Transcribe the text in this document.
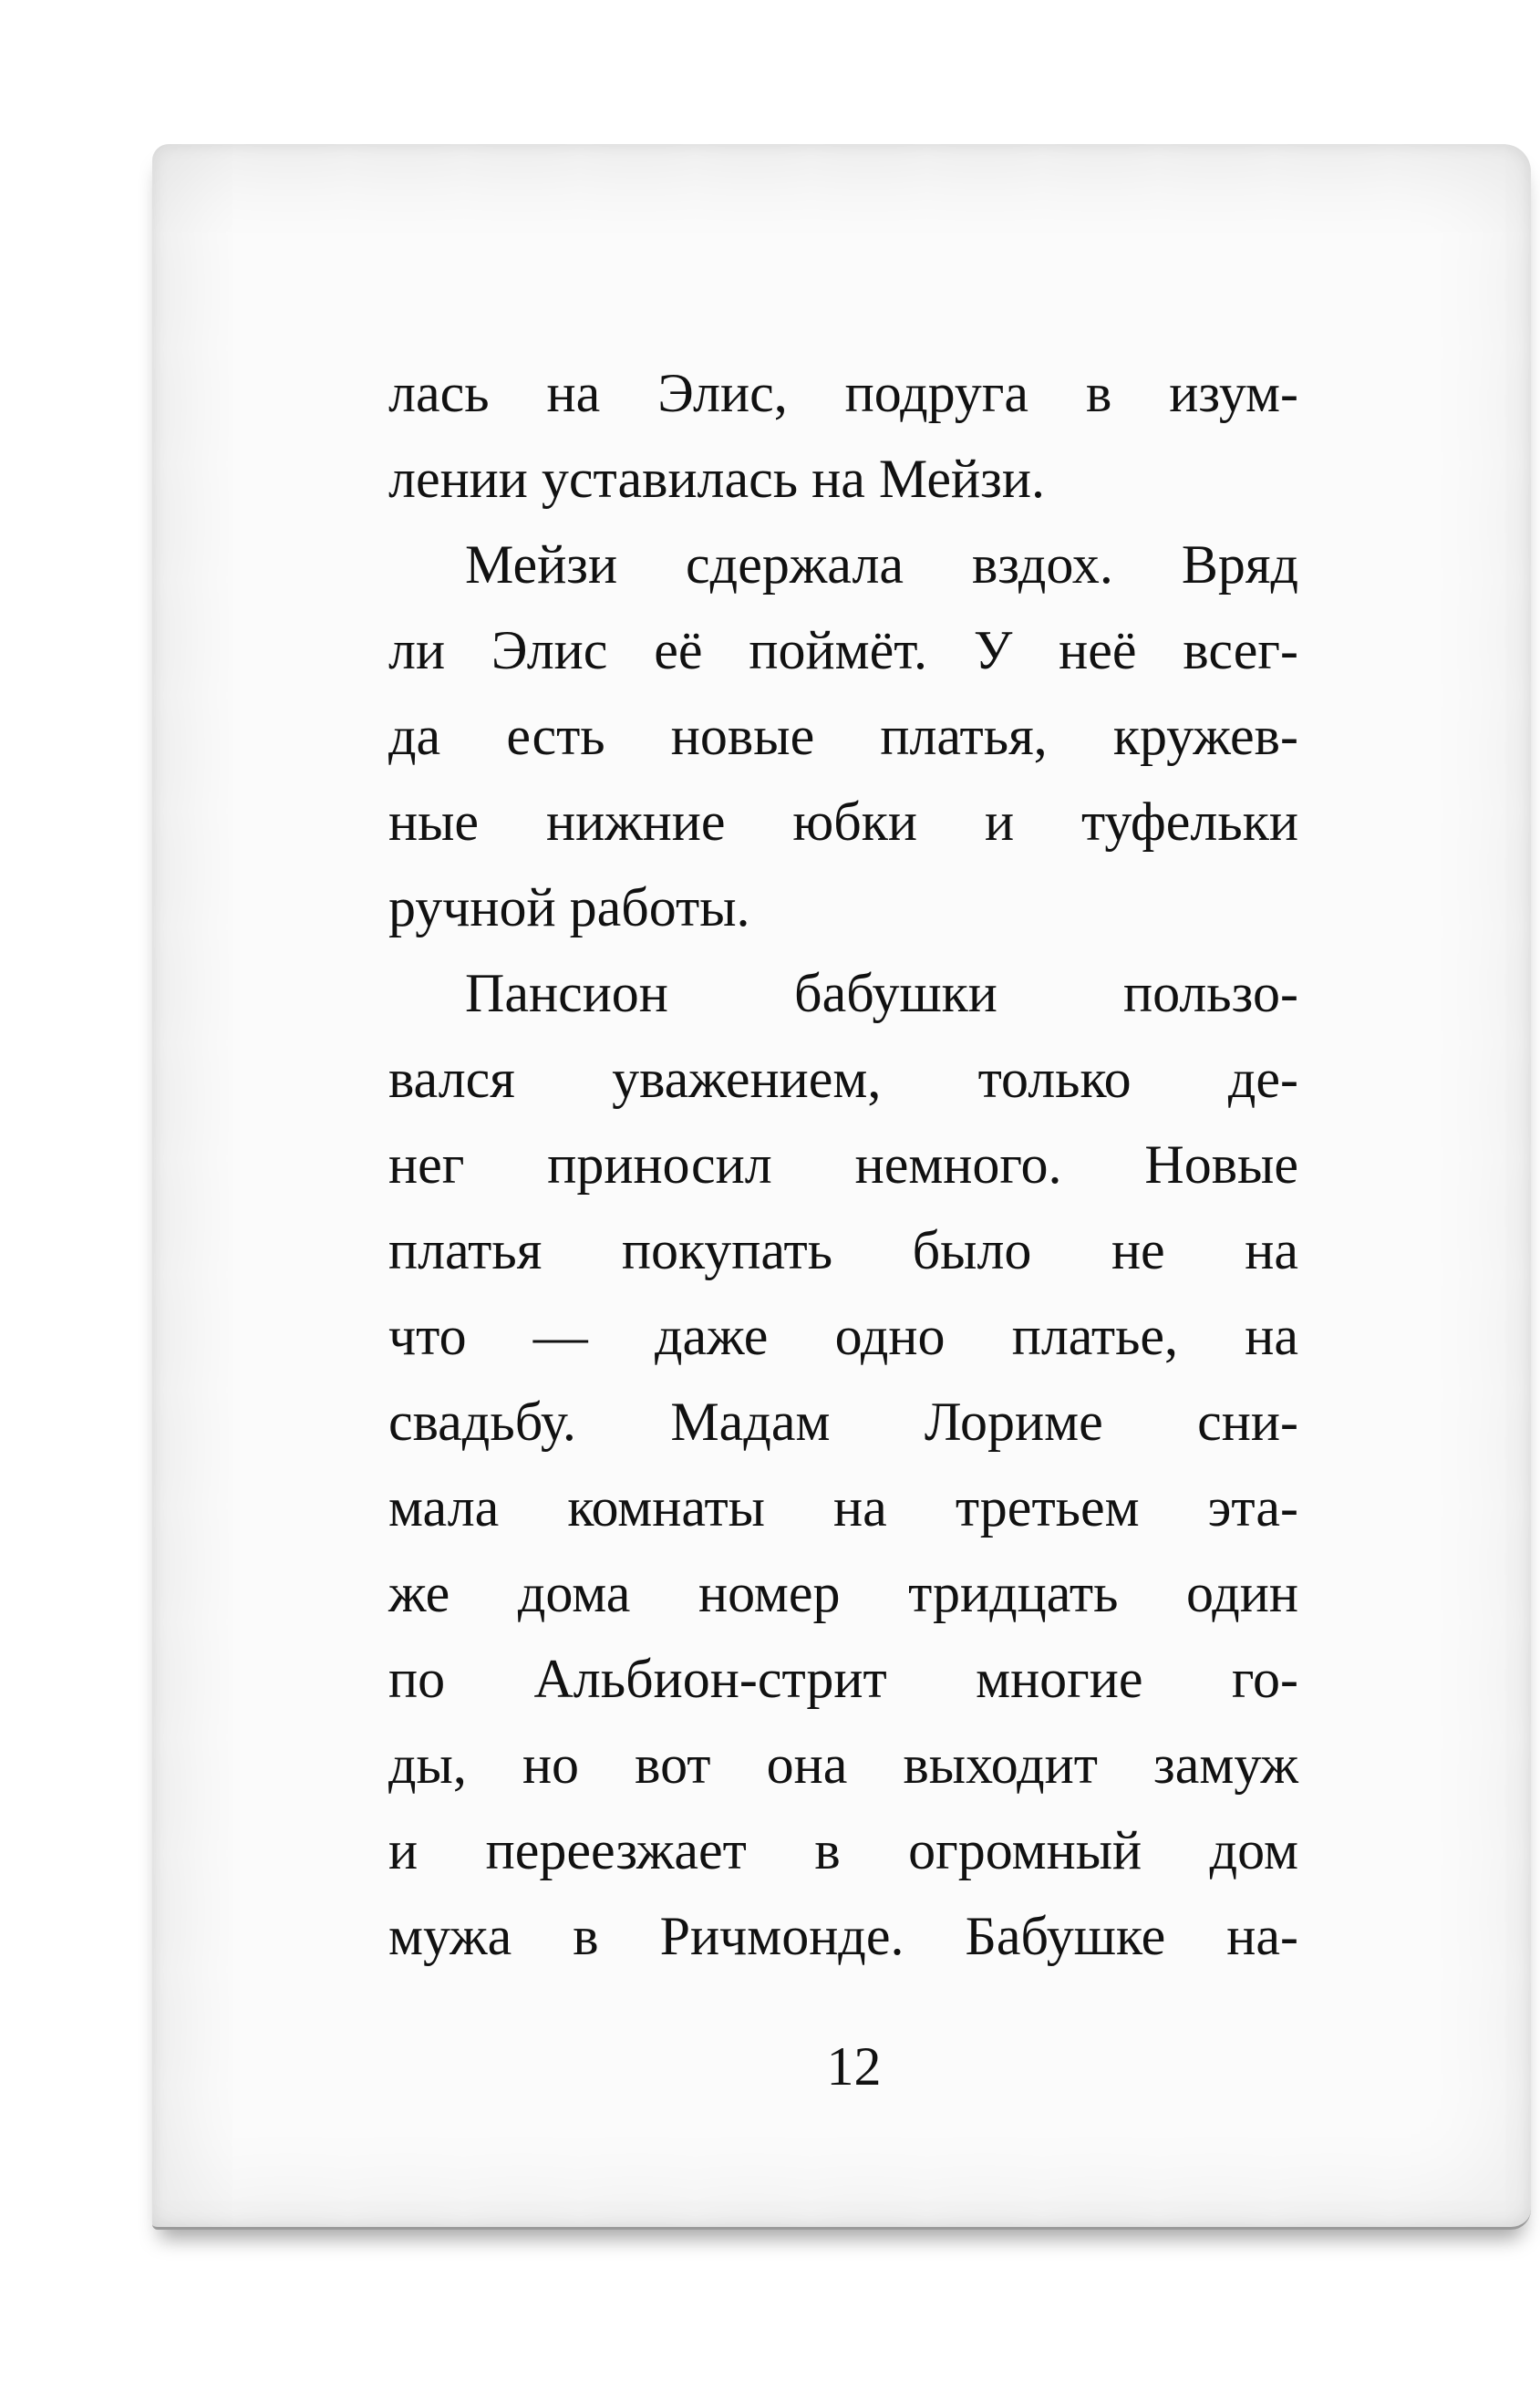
лась на Элис, подруга в изум-
лении уставилась на Мейзи.
Мейзи сдержала вздох. Вряд
ли Элис её поймёт. У неё всег-
да есть новые платья, кружев-
ные нижние юбки и туфельки
ручной работы.
Пансион бабушки пользо-
вался уважением, только де-
нег приносил немного. Новые
платья покупать было не на
что — даже одно платье, на
свадьбу. Мадам Лориме сни-
мала комнаты на третьем эта-
же дома номер тридцать один
по Альбион-стрит многие го-
ды, но вот она выходит замуж
и переезжает в огромный дом
мужа в Ричмонде. Бабушке на-
12
